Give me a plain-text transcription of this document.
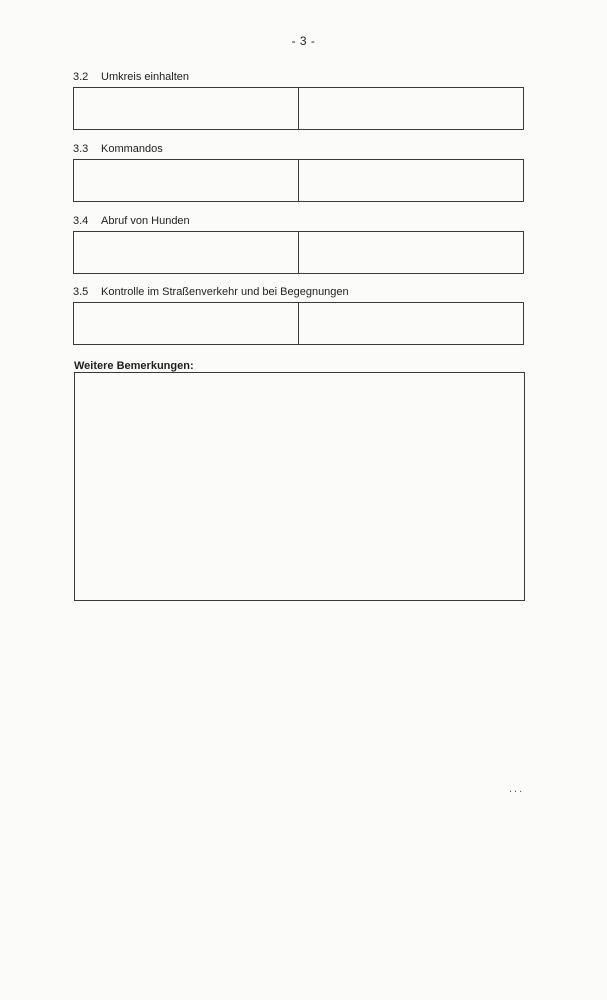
- 3 -
3.2 Umkreis einhalten
3.3 Kommandos
3.4 Abruf von Hunden
3.5 Kontrolle im Straßenverkehr und bei Begegnungen
Weitere Bemerkungen:
...
